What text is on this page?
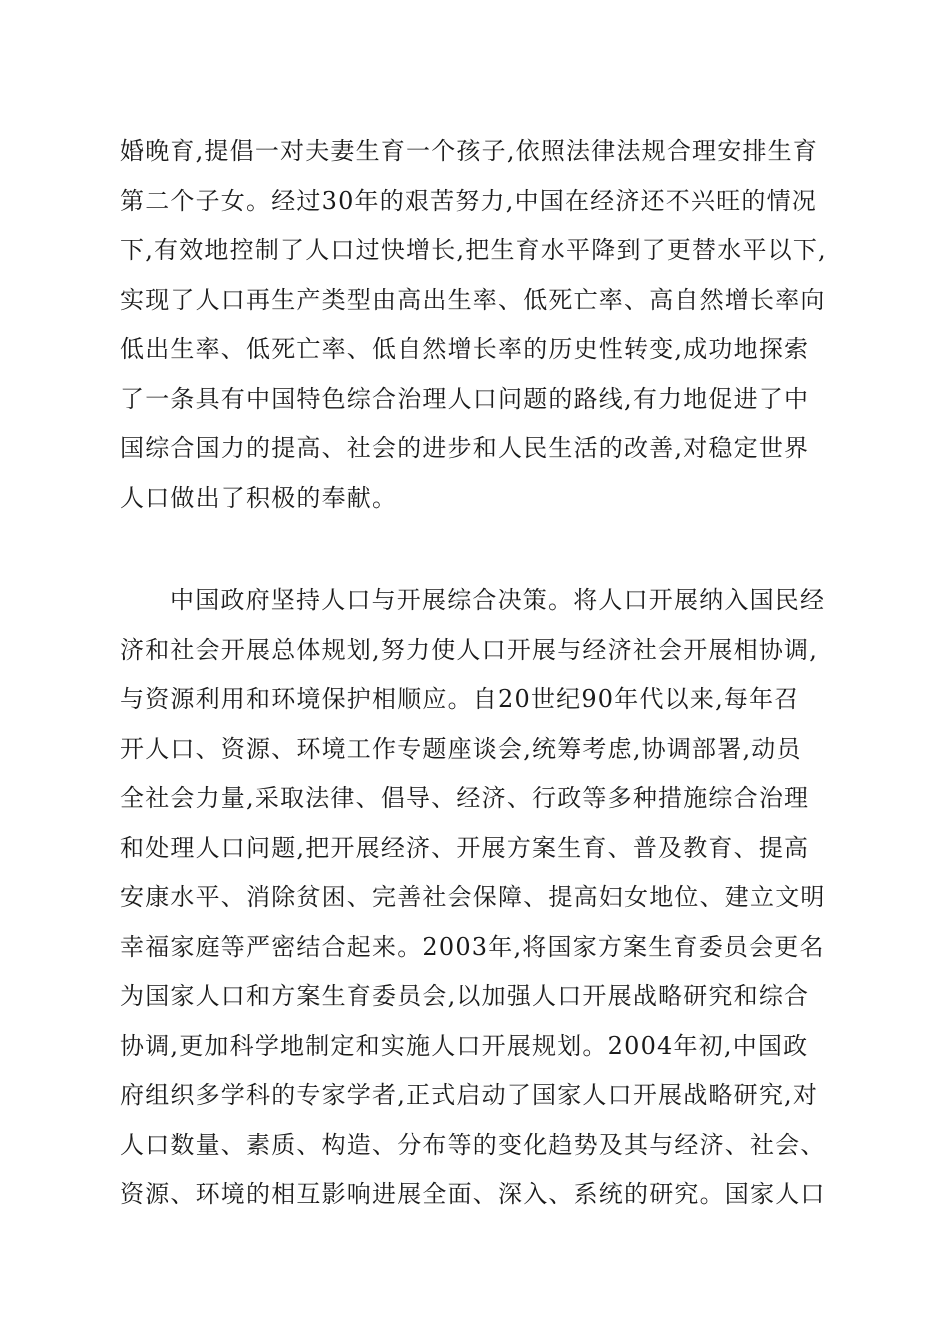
婚晚育,提倡一对夫妻生育一个孩子,依照法律法规合理安排生育
第二个子女。经过30年的艰苦努力,中国在经济还不兴旺的情况
下,有效地控制了人口过快增长,把生育水平降到了更替水平以下,
实现了人口再生产类型由高出生率、低死亡率、高自然增长率向
低出生率、低死亡率、低自然增长率的历史性转变,成功地探索
了一条具有中国特色综合治理人口问题的路线,有力地促进了中
国综合国力的提高、社会的进步和人民生活的改善,对稳定世界
人口做出了积极的奉献。
中国政府坚持人口与开展综合决策。将人口开展纳入国民经
济和社会开展总体规划,努力使人口开展与经济社会开展相协调,
与资源利用和环境保护相顺应。自20世纪90年代以来,每年召
开人口、资源、环境工作专题座谈会,统筹考虑,协调部署,动员
全社会力量,采取法律、倡导、经济、行政等多种措施综合治理
和处理人口问题,把开展经济、开展方案生育、普及教育、提高
安康水平、消除贫困、完善社会保障、提高妇女地位、建立文明
幸福家庭等严密结合起来。2003年,将国家方案生育委员会更名
为国家人口和方案生育委员会,以加强人口开展战略研究和综合
协调,更加科学地制定和实施人口开展规划。2004年初,中国政
府组织多学科的专家学者,正式启动了国家人口开展战略研究,对
人口数量、素质、构造、分布等的变化趋势及其与经济、社会、
资源、环境的相互影响进展全面、深入、系统的研究。国家人口
